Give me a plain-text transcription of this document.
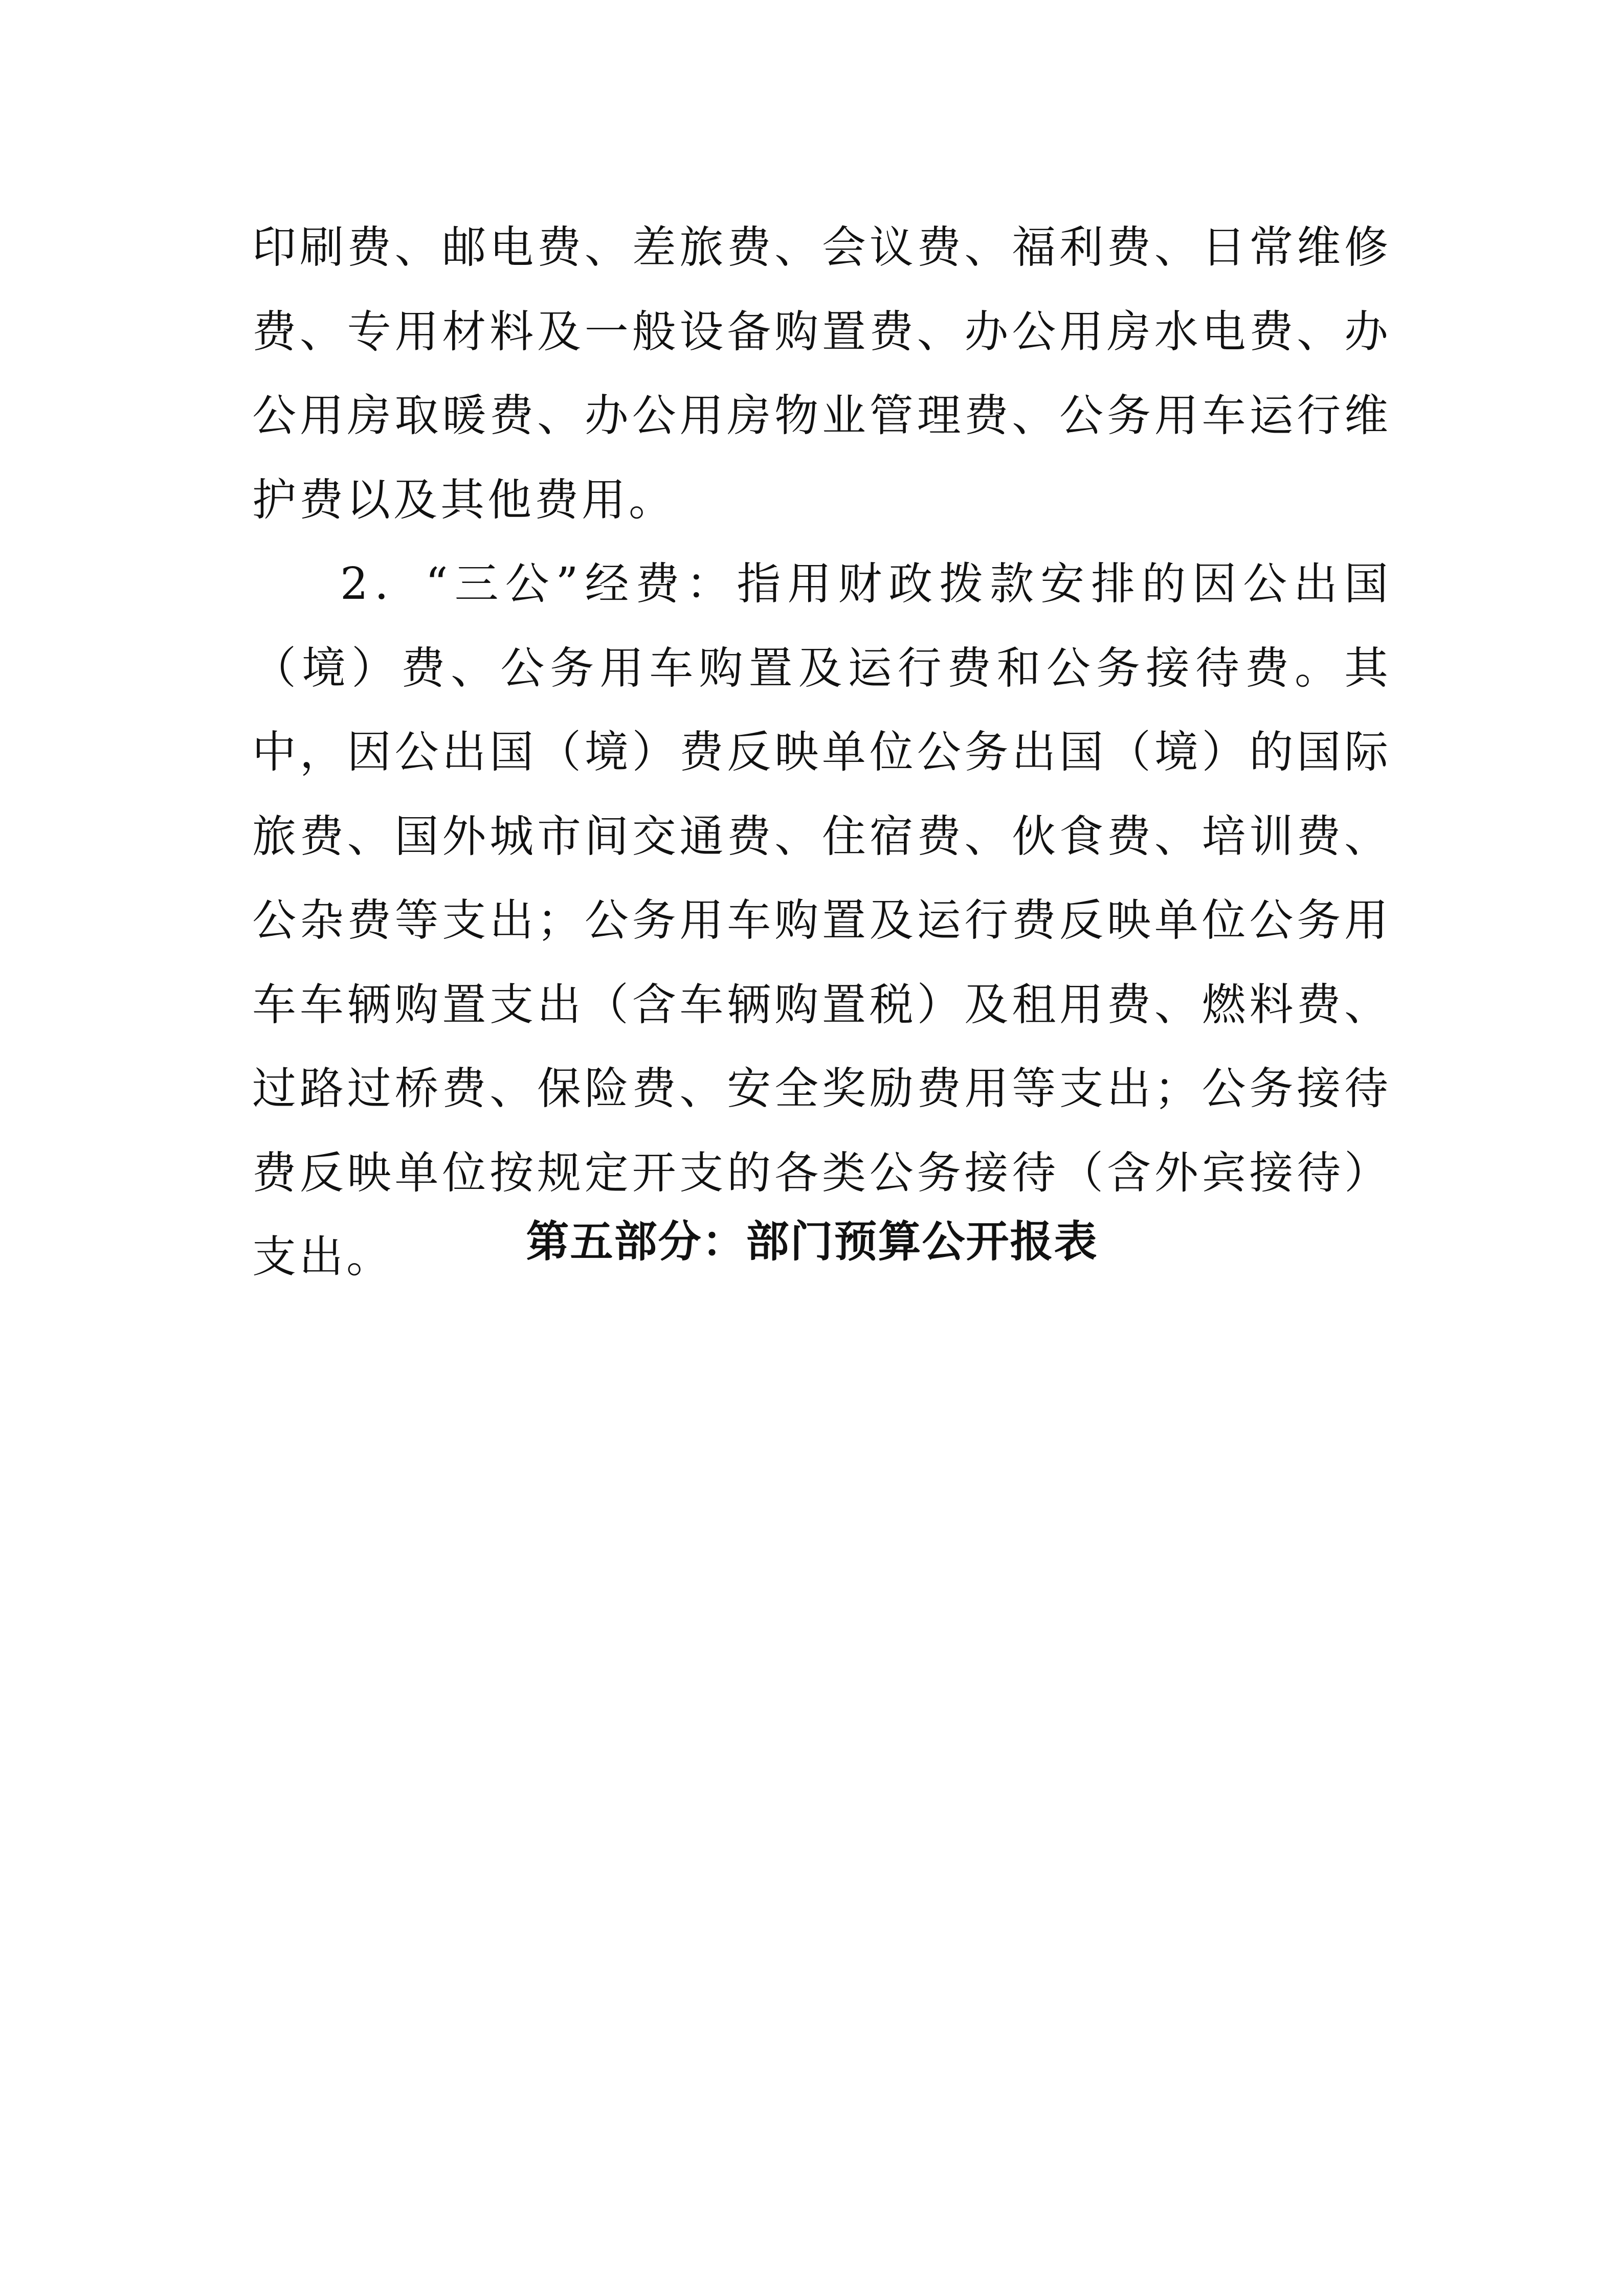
印刷费、邮电费、差旅费、会议费、福利费、日常维修费、专用材料及一般设备购置费、办公用房水电费、办公用房取暖费、办公用房物业管理费、公务用车运行维护费以及其他费用。

2．“三公”经费：指用财政拨款安排的因公出国（境）费、公务用车购置及运行费和公务接待费。其中，因公出国（境）费反映单位公务出国（境）的国际旅费、国外城市间交通费、住宿费、伙食费、培训费、公杂费等支出；公务用车购置及运行费反映单位公务用车车辆购置支出（含车辆购置税）及租用费、燃料费、过路过桥费、保险费、安全奖励费用等支出；公务接待费反映单位按规定开支的各类公务接待（含外宾接待）支出。	第五部分：部门预算公开报表
